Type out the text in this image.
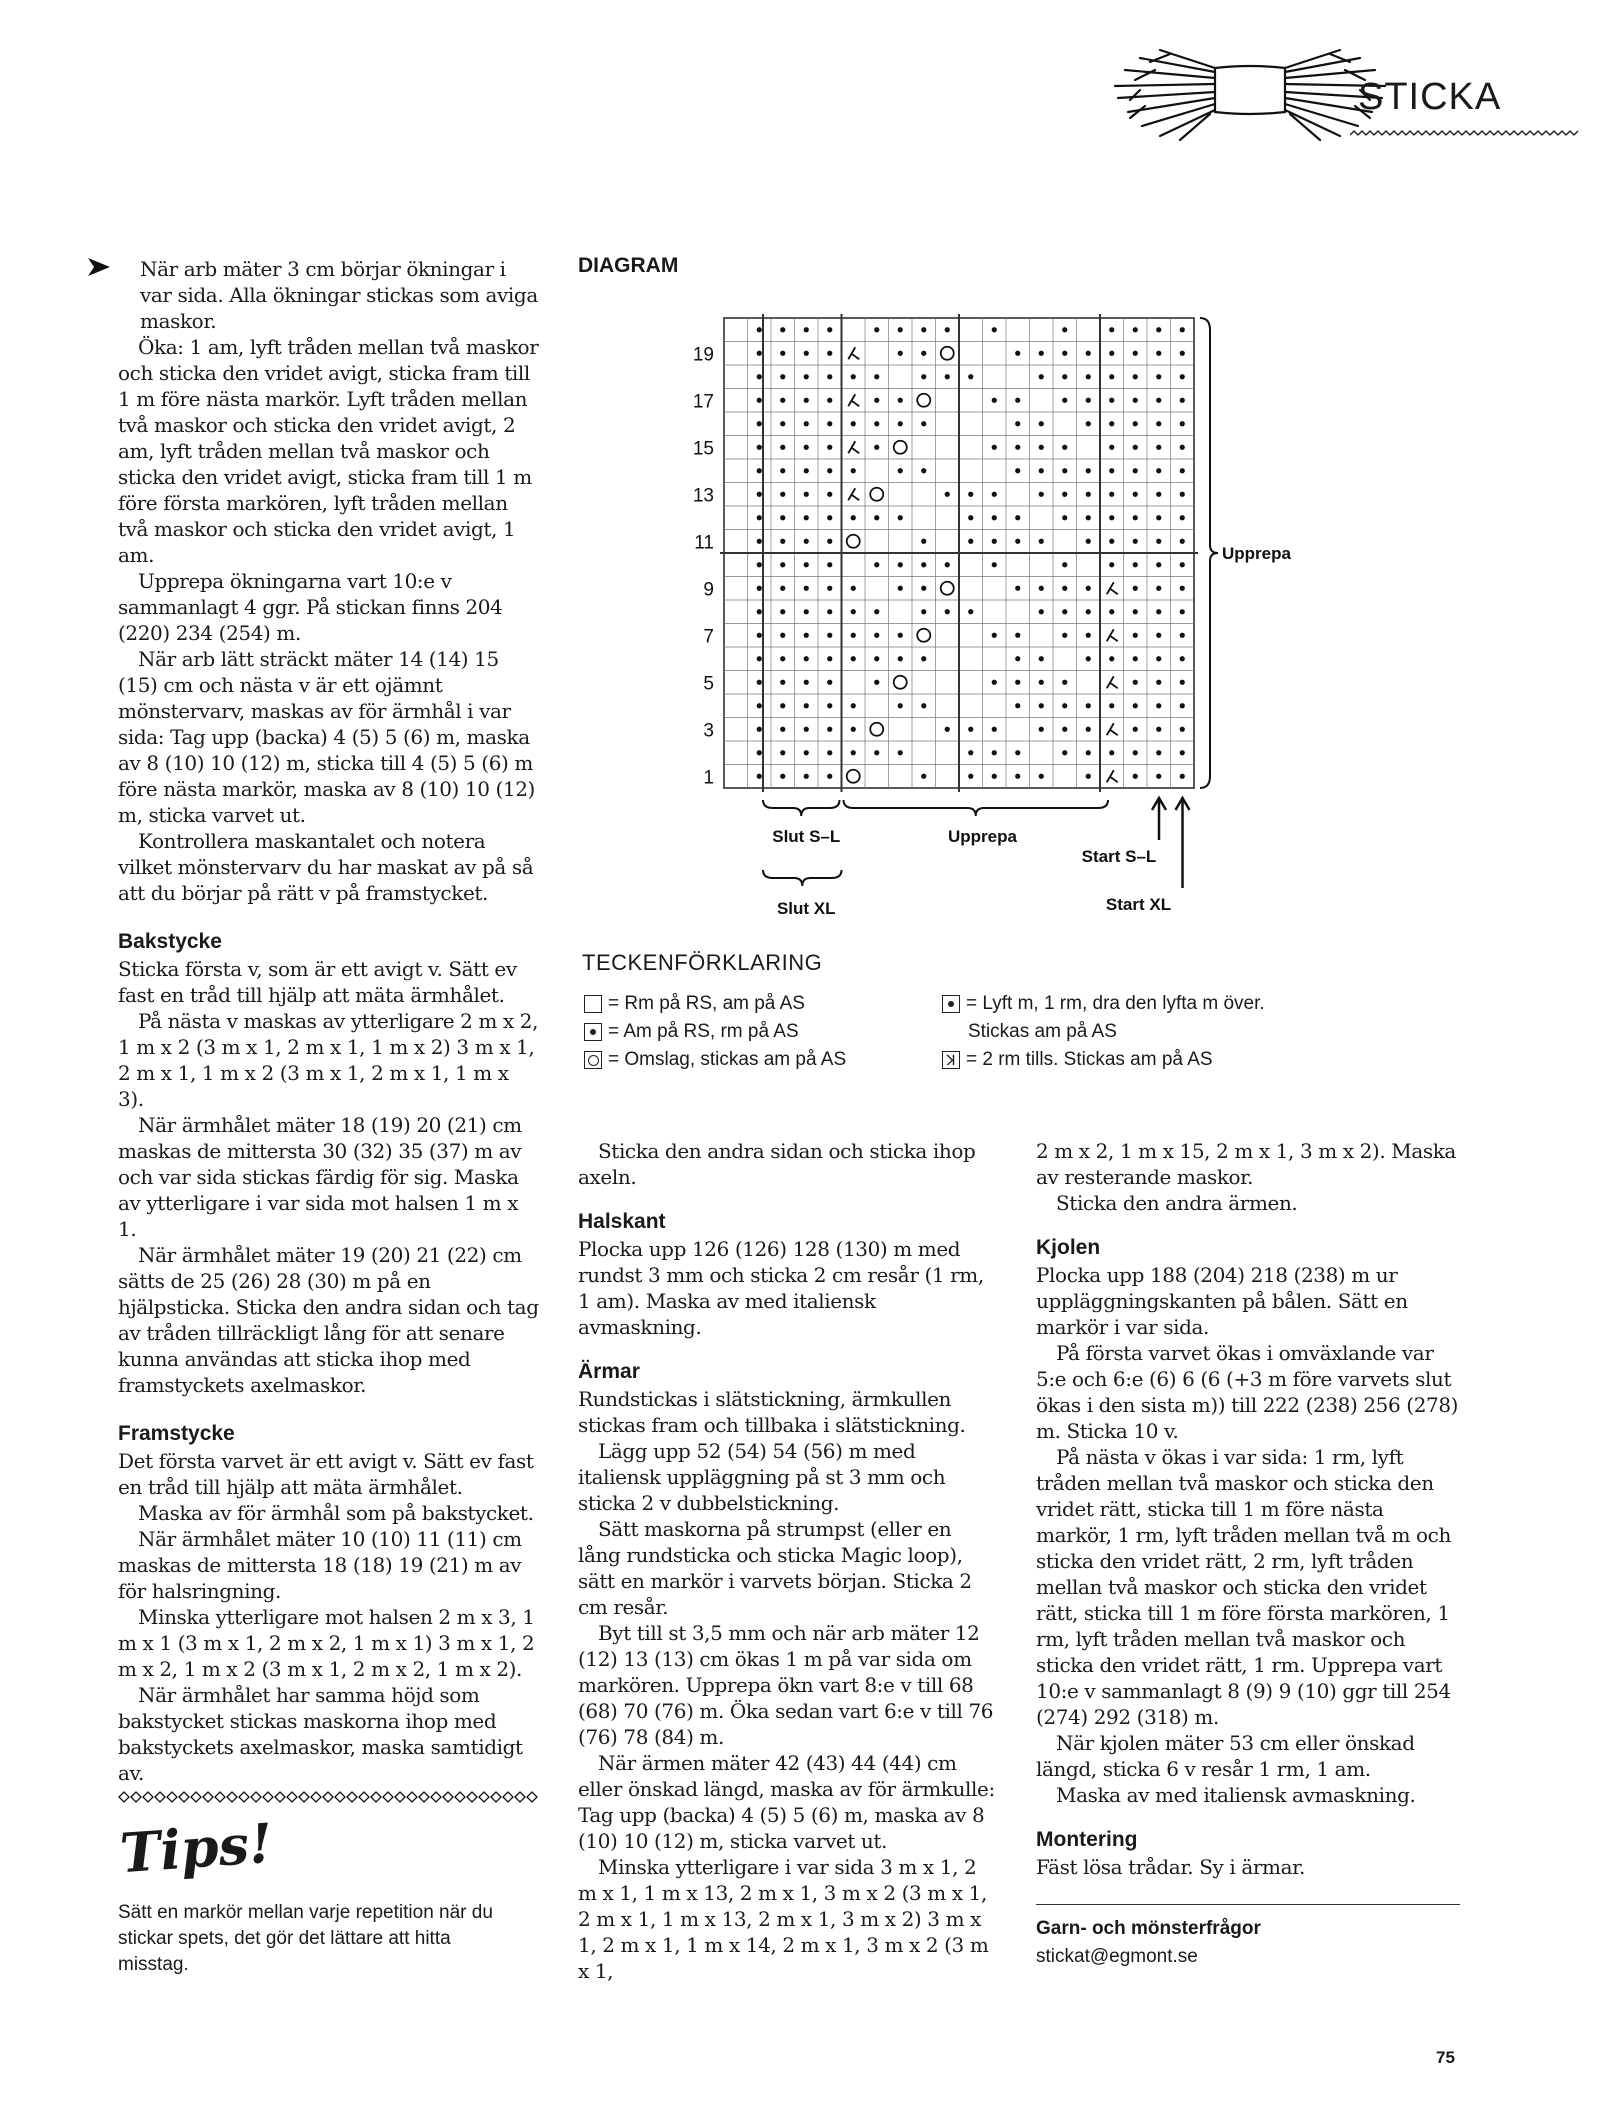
STICKA

När arb mäter 3 cm börjar ökningar i var sida. Alla ökningar stickas som aviga maskor.

Öka: 1 am, lyft tråden mellan två maskor och sticka den vridet avigt, sticka fram till 1 m före nästa markör. Lyft tråden mellan två maskor och sticka den vridet avigt, 2 am, lyft tråden mellan två maskor och sticka den vridet avigt, sticka fram till 1 m före första markören, lyft tråden mellan två maskor och sticka den vridet avigt, 1 am.

Upprepa ökningarna vart 10:e v sammanlagt 4 ggr. På stickan finns 204 (220) 234 (254) m.

När arb lätt sträckt mäter 14 (14) 15 (15) cm och nästa v är ett ojämnt mönstervarv, maskas av för ärmhål i var sida: Tag upp (backa) 4 (5) 5 (6) m, maska av 8 (10) 10 (12) m, sticka till 4 (5) 5 (6) m före nästa markör, maska av 8 (10) 10 (12) m, sticka varvet ut.

Kontrollera maskantalet och notera vilket mönstervarv du har maskat av på så att du börjar på rätt v på framstycket.

Bakstycke

Sticka första v, som är ett avigt v. Sätt ev fast en tråd till hjälp att mäta ärmhålet.

På nästa v maskas av ytterligare 2 m x 2, 1 m x 2 (3 m x 1, 2 m x 1, 1 m x 2) 3 m x 1, 2 m x 1, 1 m x 2 (3 m x 1, 2 m x 1, 1 m x 3).

När ärmhålet mäter 18 (19) 20 (21) cm maskas de mittersta 30 (32) 35 (37) m av och var sida stickas färdig för sig. Maska av ytterligare i var sida mot halsen 1 m x 1.

När ärmhålet mäter 19 (20) 21 (22) cm sätts de 25 (26) 28 (30) m på en hjälpsticka. Sticka den andra sidan och tag av tråden tillräckligt lång för att senare kunna användas att sticka ihop med framstyckets axelmaskor.

Framstycke

Det första varvet är ett avigt v. Sätt ev fast en tråd till hjälp att mäta ärmhålet.

Maska av för ärmhål som på bakstycket.

När ärmhålet mäter 10 (10) 11 (11) cm maskas de mittersta 18 (18) 19 (21) m av för halsringning.

Minska ytterligare mot halsen 2 m x 3, 1 m x 1 (3 m x 1, 2 m x 2, 1 m x 1) 3 m x 1, 2 m x 2, 1 m x 2 (3 m x 1, 2 m x 2, 1 m x 2).

När ärmhålet har samma höjd som bakstycket stickas maskorna ihop med bakstyckets axelmaskor, maska samtidigt av.

Tips!
Sätt en markör mellan varje repetition när du stickar spets, det gör det lättare att hitta misstag.
DIAGRAM
19
17
15
13
11
9
7
5
3
1
Upprepa
Slut S–L	Upprepa
Slut XL
Start S–L
Start XL
TECKENFÖRKLARING
= Rm på RS, am på AS
= Am på RS, rm på AS
= Omslag, stickas am på AS
= Lyft m, 1 rm, dra den lyfta m över.
Stickas am på AS
ꓘ = 2 rm tills. Stickas am på AS

Sticka den andra sidan och sticka ihop axeln.

Halskant

Plocka upp 126 (126) 128 (130) m med rundst 3 mm och sticka 2 cm resår (1 rm, 1 am). Maska av med italiensk avmaskning.

Ärmar

Rundstickas i slätstickning, ärmkullen stickas fram och tillbaka i slätstickning.

Lägg upp 52 (54) 54 (56) m med italiensk uppläggning på st 3 mm och sticka 2 v dubbelstickning.

Sätt maskorna på strumpst (eller en lång rundsticka och sticka Magic loop), sätt en markör i varvets början. Sticka 2 cm resår.

Byt till st 3,5 mm och när arb mäter 12 (12) 13 (13) cm ökas 1 m på var sida om markören. Upprepa ökn vart 8:e v till 68 (68) 70 (76) m. Öka sedan vart 6:e v till 76 (76) 78 (84) m.

När ärmen mäter 42 (43) 44 (44) cm eller önskad längd, maska av för ärmkulle: Tag upp (backa) 4 (5) 5 (6) m, maska av 8 (10) 10 (12) m, sticka varvet ut.

Minska ytterligare i var sida 3 m x 1, 2 m x 1, 1 m x 13, 2 m x 1, 3 m x 2 (3 m x 1, 2 m x 1, 1 m x 13, 2 m x 1, 3 m x 2) 3 m x 1, 2 m x 1, 1 m x 14, 2 m x 1, 3 m x 2 (3 m x 1,

2 m x 2, 1 m x 15, 2 m x 1, 3 m x 2). Maska av resterande maskor.

Sticka den andra ärmen.

Kjolen

Plocka upp 188 (204) 218 (238) m ur uppläggningskanten på bålen. Sätt en markör i var sida.

På första varvet ökas i omväxlande var 5:e och 6:e (6) 6 (6 (+3 m före varvets slut ökas i den sista m)) till 222 (238) 256 (278) m. Sticka 10 v.

På nästa v ökas i var sida: 1 rm, lyft tråden mellan två maskor och sticka den vridet rätt, sticka till 1 m före nästa markör, 1 rm, lyft tråden mellan två m och sticka den vridet rätt, 2 rm, lyft tråden mellan två maskor och sticka den vridet rätt, sticka till 1 m före första markören, 1 rm, lyft tråden mellan två maskor och sticka den vridet rätt, 1 rm. Upprepa vart 10:e v sammanlagt 8 (9) 9 (10) ggr till 254 (274) 292 (318) m.

När kjolen mäter 53 cm eller önskad längd, sticka 6 v resår 1 rm, 1 am.

Maska av med italiensk avmaskning.

Montering

Fäst lösa trådar. Sy i ärmar.

Garn- och mönsterfrågor
stickat@egmont.se
75
